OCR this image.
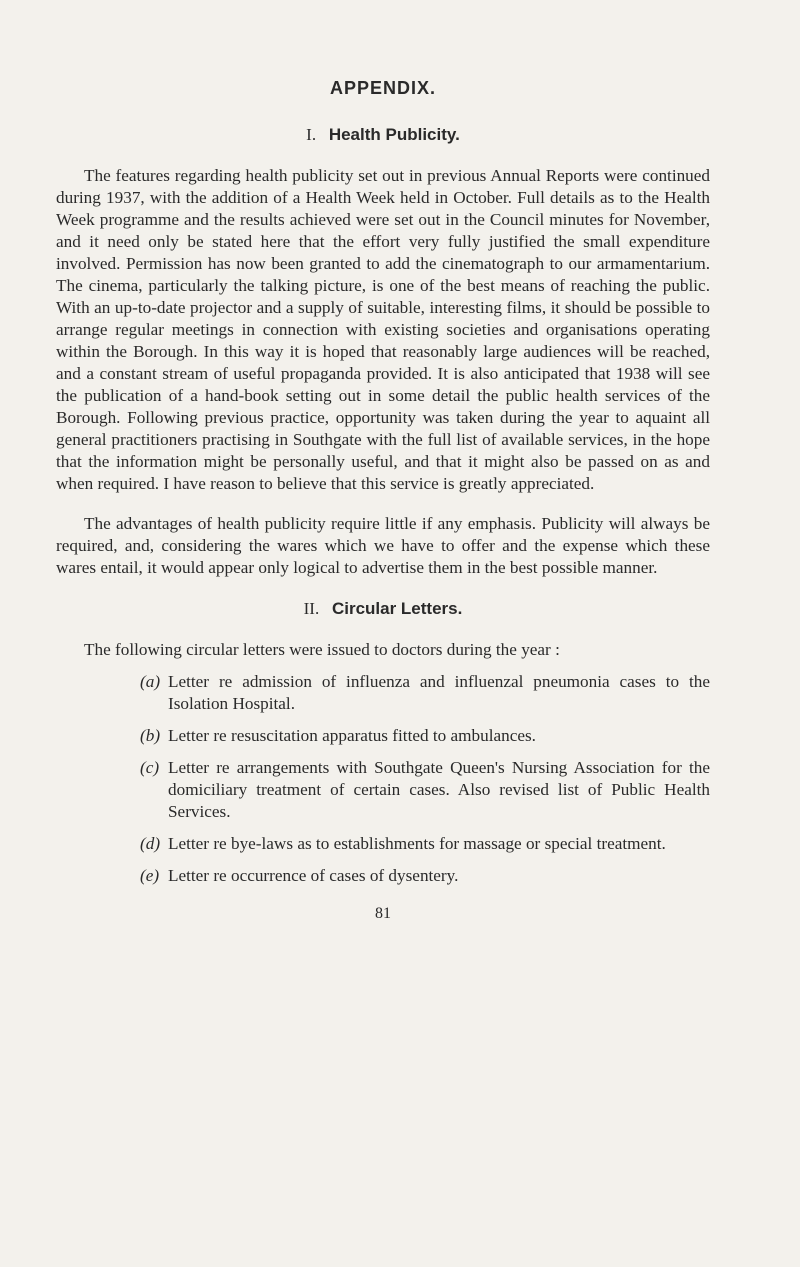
APPENDIX.
I. Health Publicity.

The features regarding health publicity set out in previous Annual Reports were continued during 1937, with the addition of a Health Week held in October. Full details as to the Health Week programme and the results achieved were set out in the Council minutes for November, and it need only be stated here that the effort very fully justified the small expenditure involved. Permission has now been granted to add the cinematograph to our armamentarium. The cinema, particularly the talking picture, is one of the best means of reaching the public. With an up-to-date projector and a supply of suitable, interesting films, it should be possible to arrange regular meetings in connection with existing societies and organisations operating within the Borough. In this way it is hoped that reasonably large audiences will be reached, and a constant stream of useful propaganda provided. It is also anticipated that 1938 will see the publication of a hand-book setting out in some detail the public health services of the Borough. Following previous practice, opportunity was taken during the year to aquaint all general practitioners practising in Southgate with the full list of available services, in the hope that the information might be personally useful, and that it might also be passed on as and when required. I have reason to believe that this service is greatly appreciated.

The advantages of health publicity require little if any emphasis. Publicity will always be required, and, considering the wares which we have to offer and the expense which these wares entail, it would appear only logical to advertise them in the best possible manner.

II. Circular Letters.

The following circular letters were issued to doctors during the year :

(a) Letter re admission of influenza and influenzal pneumonia cases to the Isolation Hospital.
(b) Letter re resuscitation apparatus fitted to ambulances.
(c) Letter re arrangements with Southgate Queen's Nursing Association for the domiciliary treatment of certain cases. Also revised list of Public Health Services.
(d) Letter re bye-laws as to establishments for massage or special treatment.
(e) Letter re occurrence of cases of dysentery.
81
